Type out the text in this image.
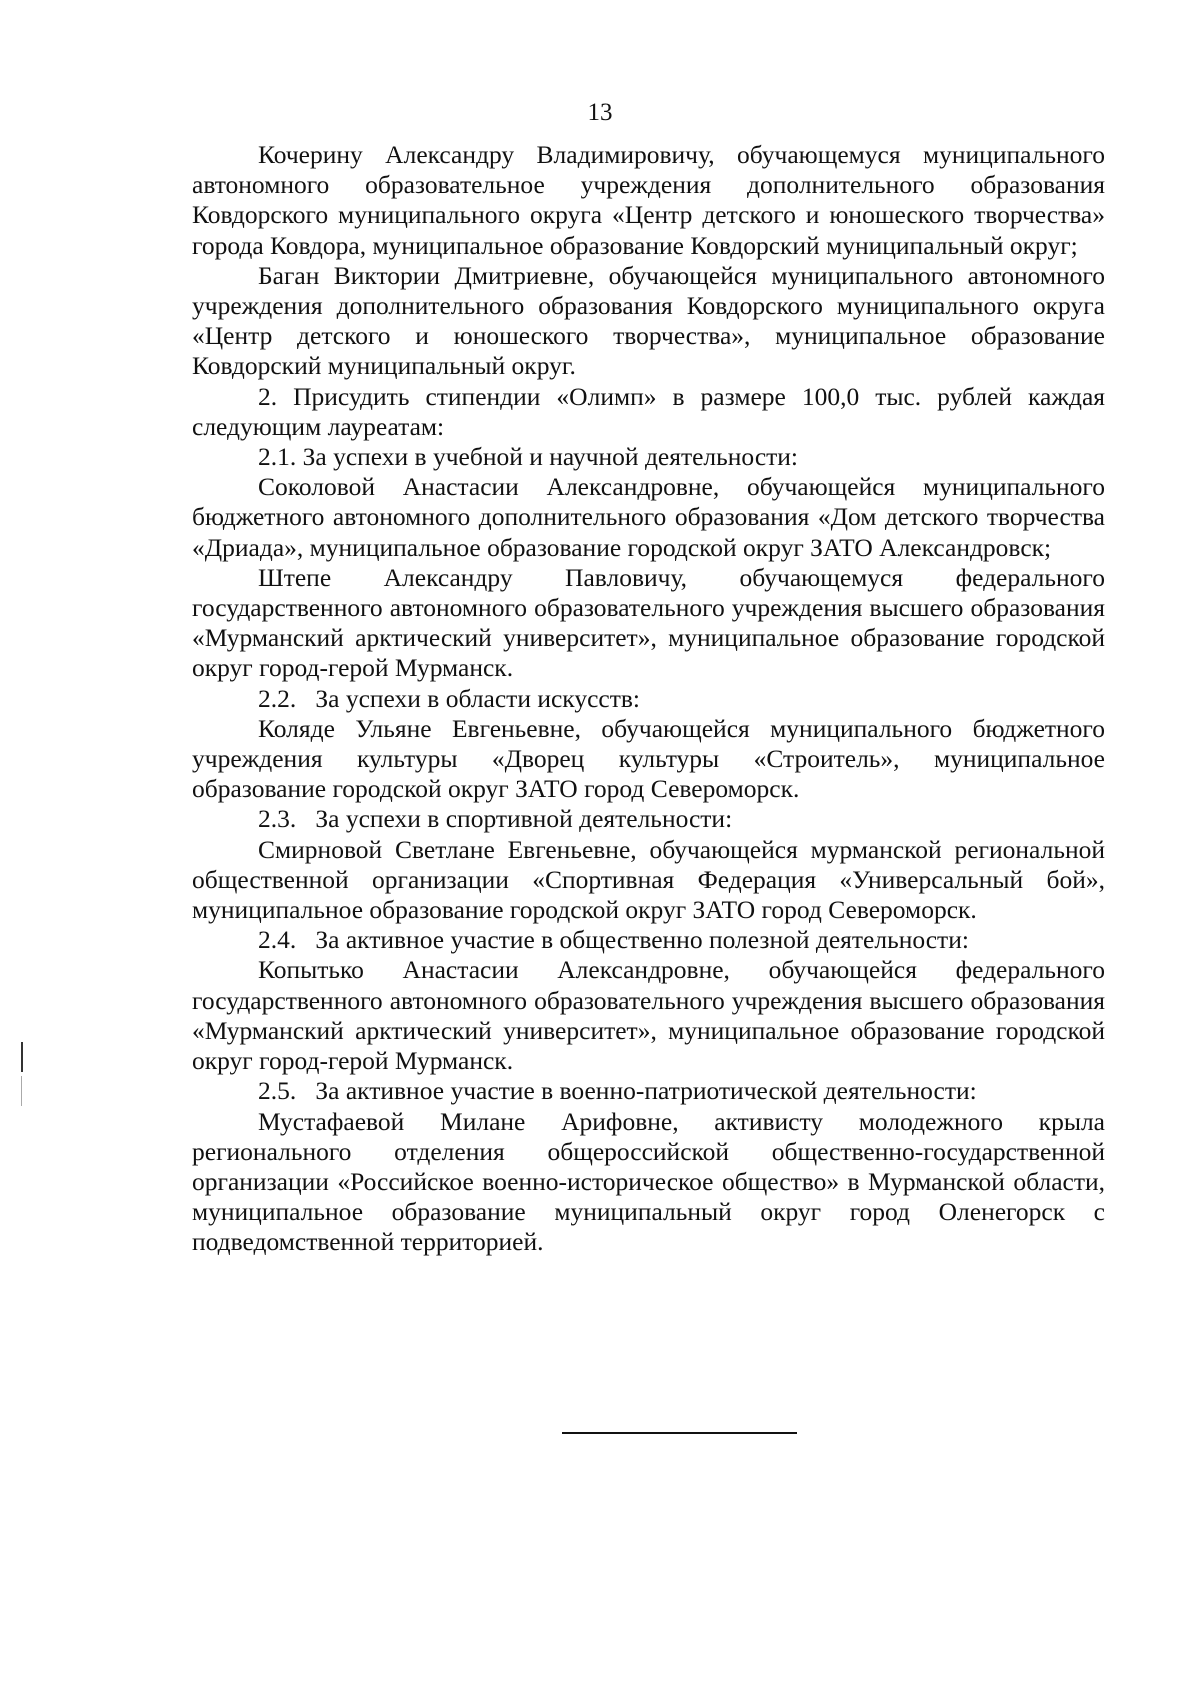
13

Кочерину Александру Владимировичу, обучающемуся муниципального автономного образовательное учреждения дополнительного образования Ковдорского муниципального округа «Центр детского и юношеского творчества» города Ковдора, муниципальное образование Ковдорский муниципальный округ;

Баган Виктории Дмитриевне, обучающейся муниципального автономного учреждения дополнительного образования Ковдорского муниципального округа «Центр детского и юношеского творчества», муниципальное образование Ковдорский муниципальный округ.

2. Присудить стипендии «Олимп» в размере 100,0 тыс. рублей каждая следующим лауреатам:

2.1. За успехи в учебной и научной деятельности:

Соколовой Анастасии Александровне, обучающейся муниципального бюджетного автономного дополнительного образования «Дом детского творчества «Дриада», муниципальное образование городской округ ЗАТО Александровск;

Штепе Александру Павловичу, обучающемуся федерального государственного автономного образовательного учреждения высшего образования «Мурманский арктический университет», муниципальное образование городской округ город-герой Мурманск.

2.2.   За успехи в области искусств:

Коляде Ульяне Евгеньевне, обучающейся муниципального бюджетного учреждения культуры «Дворец культуры «Строитель», муниципальное образование городской округ ЗАТО город Североморск.

2.3.   За успехи в спортивной деятельности:

Смирновой Светлане Евгеньевне, обучающейся мурманской региональной общественной организации «Спортивная Федерация «Универсальный бой», муниципальное образование городской округ ЗАТО город Североморск.

2.4.   За активное участие в общественно полезной деятельности:

Копытько Анастасии Александровне, обучающейся федерального государственного автономного образовательного учреждения высшего образования «Мурманский арктический университет», муниципальное образование городской округ город-герой Мурманск.

2.5.   За активное участие в военно-патриотической деятельности:

Мустафаевой Милане Арифовне, активисту молодежного крыла регионального отделения общероссийской общественно-государственной организации «Российское военно-историческое общество» в Мурманской области, муниципальное образование муниципальный округ город Оленегорск с подведомственной территорией.
